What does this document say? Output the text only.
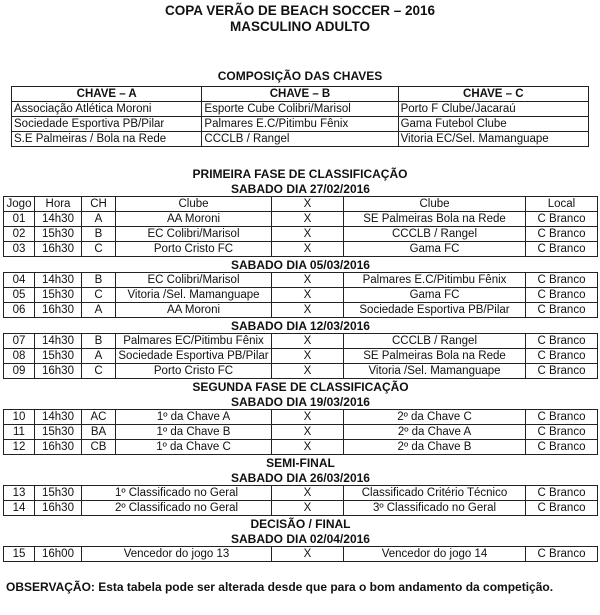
COPA VERÃO DE BEACH SOCCER – 2016
MASCULINO ADULTO
COMPOSIÇÃO DAS CHAVES
CHAVE – A	CHAVE – B	CHAVE – C
Associação Atlética Moroni	Esporte Cube Colibri/Marisol	Porto F Clube/Jacaraú
Sociedade Esportiva PB/Pilar	Palmares E.C/Pitimbu Fênix	Gama Futebol Clube
S.E Palmeiras / Bola na Rede	CCCLB / Rangel	Vitoria EC/Sel. Mamanguape
PRIMEIRA FASE DE CLASSIFICAÇÃO
SABADO DIA 27/02/2016						
Jogo	Hora	CH	Clube	X	Clube	Local
01	14h30	A	AA Moroni	X	SE Palmeiras Bola na Rede	C Branco
02	15h30	B	EC Colibri/Marisol	X	CCCLB / Rangel	C Branco
03	16h30	C	Porto Cristo FC	X	Gama FC	C Branco
SABADO DIA 05/03/2016						
04	14h30	B	EC Colibri/Marisol	X	Palmares E.C/Pitimbu Fênix	C Branco
05	15h30	C	Vitoria /Sel. Mamanguape	X	Gama FC	C Branco
06	16h30	A	AA Moroni	X	Sociedade Esportiva PB/Pilar	C Branco
SABADO DIA 12/03/2016						
07	14h30	B	Palmares EC/Pitimbu Fênix	X	CCCLB / Rangel	C Branco
08	15h30	A	Sociedade Esportiva PB/Pilar	X	SE Palmeiras Bola na Rede	C Branco
09	16h30	C	Porto Cristo FC	X	Vitoria /Sel. Mamanguape	C Branco
SEGUNDA FASE DE CLASSIFICAÇÃO						
SABADO DIA 19/03/2016						
10	14h30	AC	1º da Chave A	X	2º da Chave C	C Branco
11	15h30	BA	1º da Chave B	X	2º da Chave A	C Branco
12	16h30	CB	1º da Chave C	X	2º da Chave B	C Branco
SEMI-FINAL						
SABADO DIA 26/03/2016						
13	15h30	1º Classificado no Geral		X	Classificado Critério Técnico	C Branco
14	16h30	2º Classificado no Geral		X	3º Classificado no Geral	C Branco
DECISÃO / FINAL						
SABADO DIA 02/04/2016						
15	16h00	Vencedor do jogo 13		X	Vencedor do jogo 14	C Branco
OBSERVAÇÃO: Esta tabela pode ser alterada desde que para o bom andamento da competição.
